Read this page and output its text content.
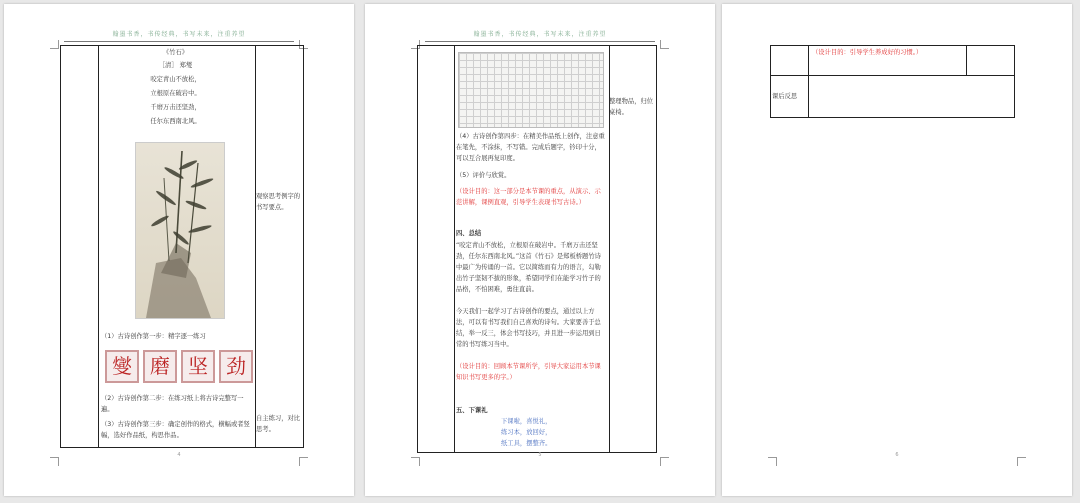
翰墨书香，书传经典，书写未来，注重养望
《竹石》
［清］ 郑燮
咬定青山不放松，
立根原在破岩中。
千磨万击还坚劲，
任尔东西南北风。
观察思考例字的书写要点。
（1）古诗创作第一步：精字逐一练习
燮 磨 坚 劲
（2）古诗创作第二步：在练习纸上将古诗完整写一遍。
（3）古诗创作第三步：确定创作的格式，横幅或者竖幅，选好作品纸，构思作品。
自主练习，对比思考。
4
翰墨书香，书传经典，书写未来，注重养望
整理物品，归位桌椅。
（4）古诗创作第四步：在精美作品纸上创作，注意重在笔先，不涂抹，不写错。完成后题字，钤印十分，可以互合展再复印度。
（5）评价与欣赏。
（设计目的：这一部分是本节课的重点，从演示、示范讲解，课例直观，引导学生表现书写古诗。）
四、总结
“咬定青山不放松，立根原在破岩中。千磨万击还坚劲，任尔东西南北风。”这首《竹石》是郑板桥题竹诗中最广为传诵的一首。它以简练而有力的语言，勾勒出竹子坚韧不拔的形象，希望同学们在能学习竹子的品格，不怕困难，勇往直前。
今天我们一起学习了古诗创作的要点，通过以上方法，可以有书写我们自己喜欢的诗句。大家要善于总结，举一反三，体会书写技巧，并且进一步运用到日常的书写练习当中。
（设计目的：回顾本节课所学，引导大家运用本节课知识书写更多的字。）
五、下课礼
下课啦，喜悦礼，
练习本，放回好，
纸工具，摆整齐。
5
（设计目的：引导学生养成好的习惯。）
课后反思
6
